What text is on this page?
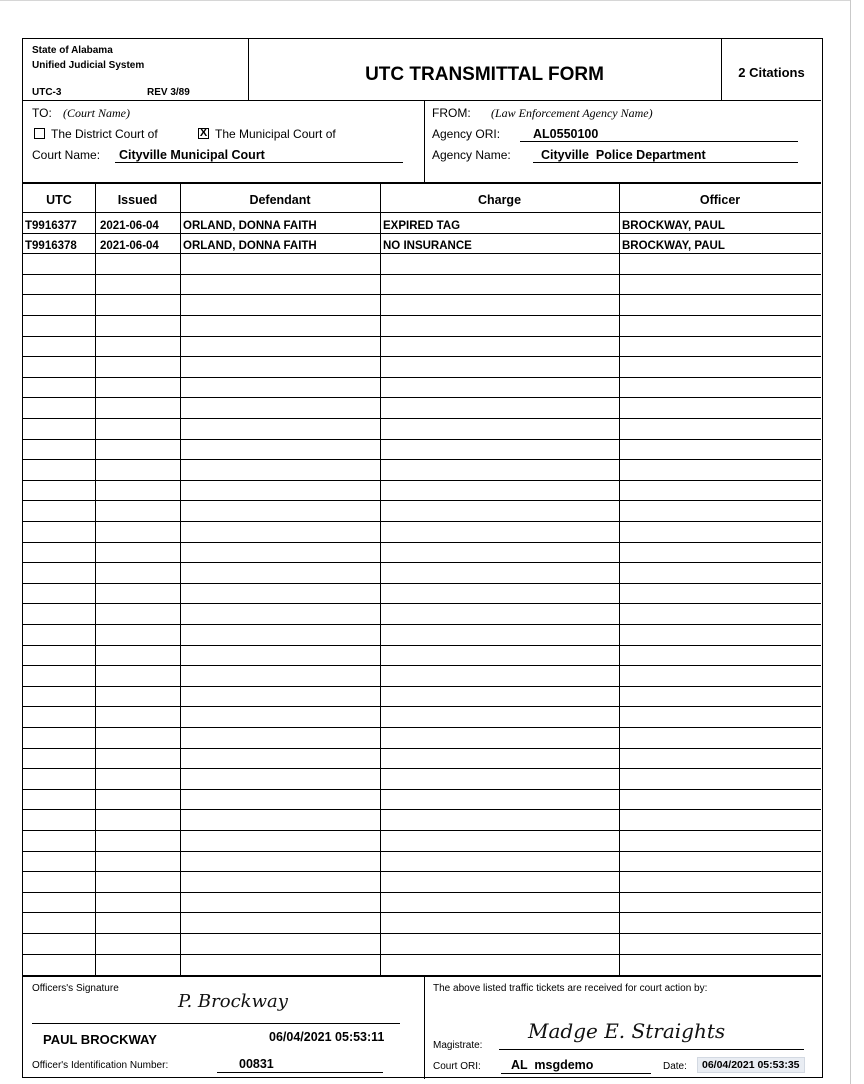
State of Alabama
Unified Judicial System
UTC-3	REV 3/89
UTC TRANSMITTAL FORM	2 Citations
TO: (Court Name)
The District Court of	X The Municipal Court of
Court Name: Cityville Municipal Court
FROM: (Law Enforcement Agency Name)
Agency ORI:	AL0550100
Agency Name: Cityville  Police Department
UTC	Issued	Defendant	Charge	Officer
T9916377 2021-06-04 ORLAND, DONNA FAITH	EXPIRED TAG	BROCKWAY, PAUL
T9916378 2021-06-04 ORLAND, DONNA FAITH	NO INSURANCE	BROCKWAY, PAUL
Officers's Signature
P. Brockway
PAUL BROCKWAY	06/04/2021 05:53:11
Officer's Identification Number:	00831
The above listed traffic tickets are received for court action by:
Magistrate:
Madge E. Straights
Court ORI: AL  msgdemo	Date:	06/04/2021 05:53:35
